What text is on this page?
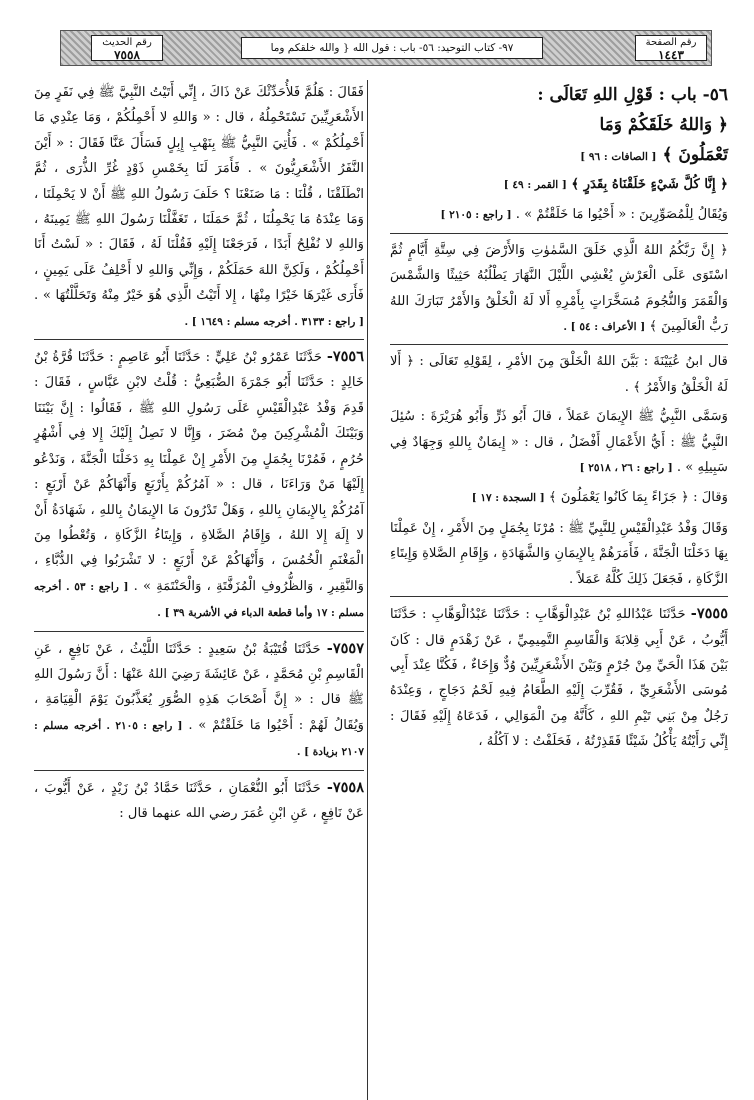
رقم الصفحة
١٤٤٣
٩٧- كتاب التوحيد: ٥٦- باب : قول الله { والله خلقكم وما
رقم الحديث
٧٥٥٨
٥٦- باب : قَوْلِ اللهِ تَعَالَى :
﴿ وَاللهُ خَلَقَكُمْ وَمَا
تَعْمَلُونَ ﴾ [ الصافات : ٩٦ ]

﴿ إِنَّا كُلَّ شَيْءٍ خَلَقْنَاهُ بِقَدَرٍ ﴾ [ القمر : ٤٩ ]

وَيُقَالُ لِلْمُصَوِّرِينَ : « أَحْيُوا مَا خَلَقْتُمْ » . [ راجع : ٢١٠٥ ]

﴿ إِنَّ رَبَّكُمُ اللهُ الَّذِي خَلَقَ السَّمٰوٰتِ وَالأَرْضَ فِي سِتَّةِ أَيَّامٍ ثُمَّ اسْتَوَى عَلَى الْعَرْشِ يُغْشِي اللَّيْلَ النَّهَارَ يَطْلُبُهُ حَثِيثًا وَالشَّمْسَ وَالْقَمَرَ وَالنُّجُومَ مُسَخَّرَاتٍ بِأَمْرِهِ أَلا لَهُ الْخَلْقُ وَالأَمْرُ تَبَارَكَ اللهُ رَبُّ الْعَالَمِينَ ﴾ [ الأعراف : ٥٤ ] .

قال ابنُ عُيَيْنَةَ : بَيَّنَ اللهُ الْخَلْقَ مِنَ الأمْرِ ، لِقَوْلِهِ تَعَالَى : ﴿ أَلا لَهُ الْخَلْقُ وَالأَمْرُ ﴾ .

وَسَمَّى النَّبِيُّ ﷺ الإِيمَانَ عَمَلاً ، قالَ أَبُو ذَرٍّ وَأَبُو هُرَيْرَةَ : سُئِلَ النَّبِيُّ ﷺ : أَيُّ الأَعْمَالِ أَفْضَلُ ، قال : « إِيمَانٌ بِاللهِ وَجِهَادٌ فِي سَبِيلِهِ » . [ راجع : ٢٦ ، ٢٥١٨ ]

وَقالَ : ﴿ جَزَاءً بِمَا كَانُوا يَعْمَلُونَ ﴾ [ السجدة : ١٧ ]

وَقَالَ وَفْدُ عَبْدِالْقَيْسِ لِلنَّبِيِّ ﷺ : مُرْنَا بِجُمَلٍ مِنَ الأَمْرِ ، إِنْ عَمِلْنَا بِهَا دَخَلْنَا الْجَنَّةَ ، فَأَمَرَهُمْ بِالإِيمَانِ وَالشَّهَادَةِ ، وَإِقَامِ الصَّلاةِ وَإِيتَاءِ الزَّكَاةِ ، فَجَعَلَ ذَلِكَ كُلَّهُ عَمَلاً .

٧٥٥٥- حَدَّثَنَا عَبْدُاللهِ بْنُ عَبْدِالْوَهَّابِ : حَدَّثَنَا عَبْدُالْوَهَّابِ : حَدَّثَنَا أَيُّوبُ ، عَنْ أَبِي قِلابَةَ وَالْقَاسِمِ التَّمِيمِيِّ ، عَنْ زَهْدَمٍ قال : كَانَ بَيْنَ هَذَا الْحَيِّ مِنْ جُرْمٍ وَبَيْنَ الأَشْعَرِيِّينَ وُدٌّ وَإِخَاءٌ ، فَكُنَّا عِنْدَ أَبِي مُوسَى الأَشْعَرِيِّ ، فَقُرِّبَ إِلَيْهِ الطَّعَامُ فِيهِ لَحْمُ دَجَاجٍ ، وَعِنْدَهُ رَجُلٌ مِنْ بَنِي تَيْمِ اللهِ ، كَأَنَّهُ مِنَ الْمَوَالِي ، فَدَعَاهُ إِلَيْهِ فَقَالَ : إِنِّي رَأَيْتُهُ يَأْكُلُ شَيْئًا فَقَذِرْتُهُ ، فَحَلَفْتُ : لا آكُلُهُ ،

فَقَالَ : هَلُمَّ فَلأُحَدِّثْكَ عَنْ ذَاكَ ، إِنِّي أَتَيْتُ النَّبِيَّ ﷺ فِي نَفَرٍ مِنَ الأَشْعَرِيِّينَ نَسْتَحْمِلُهُ ، قال : « وَاللهِ لا أَحْمِلُكُمْ ، وَمَا عِنْدِي مَا أَحْمِلُكُمْ » . فَأُتِيَ النَّبِيُّ ﷺ بِنَهْبِ إِبِلٍ فَسَأَلَ عَنَّا فَقَالَ : « أَيْنَ النَّفَرُ الأَشْعَرِيُّونَ » . فَأَمَرَ لَنَا بِخَمْسِ ذَوْدٍ غُرِّ الذُّرَى ، ثُمَّ انْطَلَقْنَا ، قُلْنَا : مَا صَنَعْنَا ؟ حَلَفَ رَسُولُ اللهِ ﷺ أَنْ لا يَحْمِلَنَا ، وَمَا عِنْدَهُ مَا يَحْمِلُنَا ، ثُمَّ حَمَلَنَا ، تَغَفَّلْنَا رَسُولَ اللهِ ﷺ يَمِينَهُ ، وَاللهِ لا نُفْلِحُ أَبَدًا ، فَرَجَعْنَا إِلَيْهِ فَقُلْنَا لَهُ ، فَقَالَ : « لَسْتُ أَنَا أَحْمِلُكُمْ ، وَلَكِنَّ اللهَ حَمَلَكُمْ ، وَإِنِّي وَاللهِ لا أَحْلِفُ عَلَى يَمِينٍ ، فَأَرَى غَيْرَهَا خَيْرًا مِنْهَا ، إِلا أَتَيْتُ الَّذِي هُوَ خَيْرٌ مِنْهُ وَتَحَلَّلْتُهَا » . [ راجع : ٣١٣٣ . أخرجه مسلم : ١٦٤٩ ] .

٧٥٥٦- حَدَّثَنَا عَمْرُو بْنُ عَلِيٍّ : حَدَّثَنَا أَبُو عَاصِمٍ : حَدَّثَنَا قُرَّةُ بْنُ خَالِدٍ : حَدَّثَنَا أَبُو جَمْرَةَ الضُّبَعِيُّ : قُلْتُ لابْنِ عَبَّاسٍ ، فَقَالَ : قَدِمَ وَفْدُ عَبْدِالْقَيْسِ عَلَى رَسُولِ اللهِ ﷺ ، فَقَالُوا : إِنَّ بَيْنَنَا وَبَيْنَكَ الْمُشْرِكِينَ مِنْ مُضَرَ ، وَإِنَّا لا نَصِلُ إِلَيْكَ إِلا فِي أَشْهُرٍ حُرُمٍ ، فَمُرْنَا بِجُمَلٍ مِنَ الأَمْرِ إِنْ عَمِلْنَا بِهِ دَخَلْنَا الْجَنَّةَ ، وَنَدْعُو إِلَيْهَا مَنْ وَرَاءَنَا ، قال : « آمُرُكُمْ بِأَرْبَعٍ وَأَنْهَاكُمْ عَنْ أَرْبَعٍ : آمُرُكُمْ بِالإِيمَانِ بِاللهِ ، وَهَلْ تَدْرُونَ مَا الإِيمَانُ بِاللهِ ، شَهَادَةُ أَنْ لا إِلَهَ إِلا اللهُ ، وَإِقَامُ الصَّلاةِ ، وَإِيتَاءُ الزَّكَاةِ ، وَتُعْطُوا مِنَ الْمَغْنَمِ الْخُمُسَ ، وَأَنْهَاكُمْ عَنْ أَرْبَعٍ : لا تَشْرَبُوا فِي الدُّبَّاءِ ، وَالنَّقِيرِ ، وَالظُّرُوفِ الْمُزَفَّتَةِ ، وَالْحَنْتَمَةِ » . [ راجع : ٥٣ . أخرجه مسلم : ١٧ وأما قطعة الدباء في الأشربة ٣٩ ] .

٧٥٥٧- حَدَّثَنَا قُتَيْبَةُ بْنُ سَعِيدٍ : حَدَّثَنَا اللَّيْثُ ، عَنْ نَافِعٍ ، عَنِ الْقَاسِمِ بْنِ مُحَمَّدٍ ، عَنْ عَائِشَةَ رَضِيَ اللهُ عَنْهَا : أَنَّ رَسُولَ اللهِ ﷺ قال : « إِنَّ أَصْحَابَ هَذِهِ الصُّوَرِ يُعَذَّبُونَ يَوْمَ الْقِيَامَةِ ، وَيُقَالُ لَهُمْ : أَحْيُوا مَا خَلَقْتُمْ » . [ راجع : ٢١٠٥ . أخرجه مسلم : ٢١٠٧ بزيادة ] .

٧٥٥٨- حَدَّثَنَا أَبُو النُّعْمَانِ ، حَدَّثَنَا حَمَّادُ بْنُ زَيْدٍ ، عَنْ أَيُّوبَ ، عَنْ نَافِعٍ ، عَنِ ابْنِ عُمَرَ رضي الله عنهما قال :
